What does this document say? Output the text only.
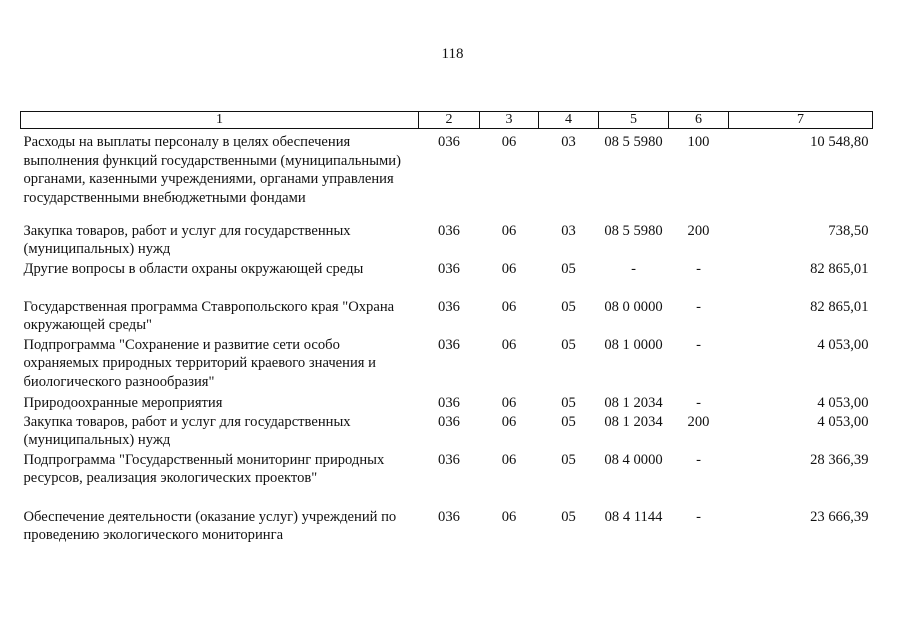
118
1	2	3	4	5	6	7
Расходы на выплаты персоналу в целях обеспечения выполнения функций государственными (муниципальными) органами, казенными учреждениями, органами управления государственными внебюджетными фондами	036	06	03	08 5 5980	100	10 548,80
Закупка товаров, работ и услуг для государственных (муниципальных) нужд	036	06	03	08 5 5980	200	738,50
Другие вопросы в области охраны окружающей среды	036	06	05	-	-	82 865,01
Государственная программа Ставропольского края "Охрана окружающей среды"	036	06	05	08 0 0000	-	82 865,01
Подпрограмма "Сохранение и развитие сети особо охраняемых природных территорий краевого значения и биологического разнообразия"	036	06	05	08 1 0000	-	4 053,00
Природоохранные мероприятия	036	06	05	08 1 2034	-	4 053,00
Закупка товаров, работ и услуг для государственных (муниципальных) нужд	036	06	05	08 1 2034	200	4 053,00
Подпрограмма "Государственный мониторинг природных ресурсов, реализация экологических проектов"	036	06	05	08 4 0000	-	28 366,39
Обеспечение деятельности (оказание услуг) учреждений по проведению экологического мониторинга	036	06	05	08 4 1144	-	23 666,39
